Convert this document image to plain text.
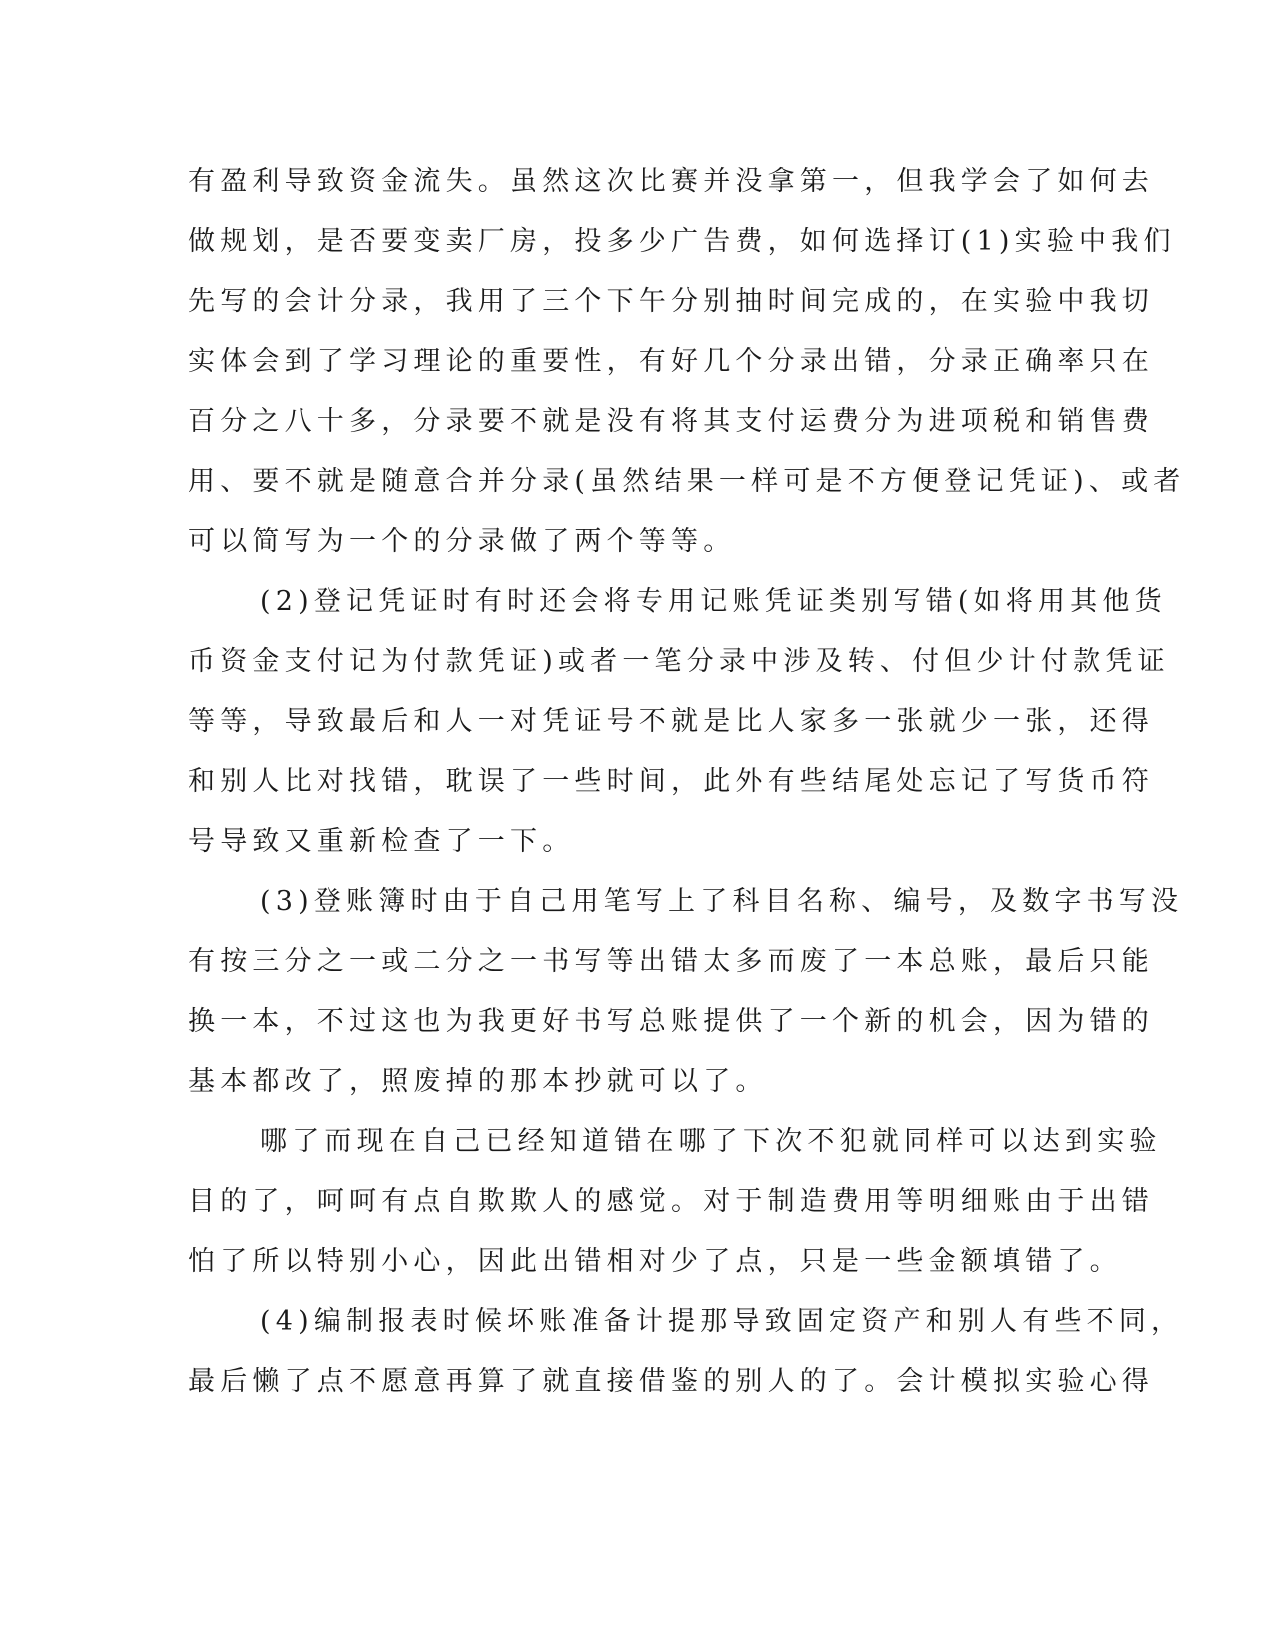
有盈利导致资金流失。虽然这次比赛并没拿第一，但我学会了如何去
做规划，是否要变卖厂房，投多少广告费，如何选择订(1)实验中我们
先写的会计分录，我用了三个下午分别抽时间完成的，在实验中我切
实体会到了学习理论的重要性，有好几个分录出错，分录正确率只在
百分之八十多，分录要不就是没有将其支付运费分为进项税和销售费
用、要不就是随意合并分录(虽然结果一样可是不方便登记凭证)、或者
可以简写为一个的分录做了两个等等。
(2)登记凭证时有时还会将专用记账凭证类别写错(如将用其他货
币资金支付记为付款凭证)或者一笔分录中涉及转、付但少计付款凭证
等等，导致最后和人一对凭证号不就是比人家多一张就少一张，还得
和别人比对找错，耽误了一些时间，此外有些结尾处忘记了写货币符
号导致又重新检查了一下。
(3)登账簿时由于自己用笔写上了科目名称、编号，及数字书写没
有按三分之一或二分之一书写等出错太多而废了一本总账，最后只能
换一本，不过这也为我更好书写总账提供了一个新的机会，因为错的
基本都改了，照废掉的那本抄就可以了。
哪了而现在自己已经知道错在哪了下次不犯就同样可以达到实验
目的了，呵呵有点自欺欺人的感觉。对于制造费用等明细账由于出错
怕了所以特别小心，因此出错相对少了点，只是一些金额填错了。
(4)编制报表时候坏账准备计提那导致固定资产和别人有些不同，
最后懒了点不愿意再算了就直接借鉴的别人的了。会计模拟实验心得
